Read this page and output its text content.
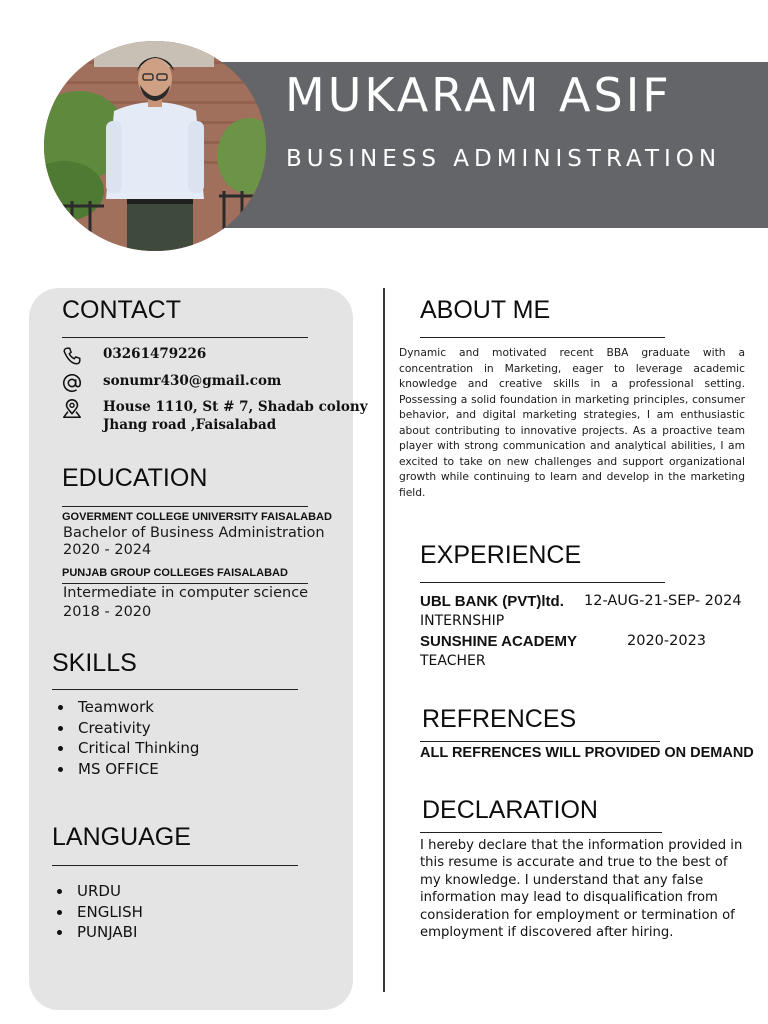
MUKARAM ASIF
BUSINESS ADMINISTRATION
CONTACT
03261479226
sonumr430@gmail.com
House 1110, St # 7, Shadab colony
Jhang road ,Faisalabad
EDUCATION
GOVERMENT COLLEGE UNIVERSITY FAISALABAD
Bachelor of Business Administration
2020 - 2024
PUNJAB GROUP COLLEGES FAISALABAD
Intermediate in computer science
2018 - 2020
SKILLS
Teamwork
Creativity
Critical Thinking
MS OFFICE
LANGUAGE
URDU
ENGLISH
PUNJABI
ABOUT ME

Dynamic and motivated recent BBA graduate with a concentration in Marketing, eager to leverage academic knowledge and creative skills in a professional setting. Possessing a solid foundation in marketing principles, consumer behavior, and digital marketing strategies, I am enthusiastic about contributing to innovative projects. As a proactive team player with strong communication and analytical abilities, I am excited to take on new challenges and support organizational growth while continuing to learn and develop in the marketing field.

EXPERIENCE
UBL BANK (PVT)ltd. 12-AUG-21-SEP- 2024
INTERNSHIP
SUNSHINE ACADEMY	2020-2023
TEACHER
REFRENCES
ALL REFRENCES WILL PROVIDED ON DEMAND
DECLARATION

I hereby declare that the information provided in this resume is accurate and true to the best of my knowledge. I understand that any false information may lead to disqualification from consideration for employment or termination of employment if discovered after hiring.
